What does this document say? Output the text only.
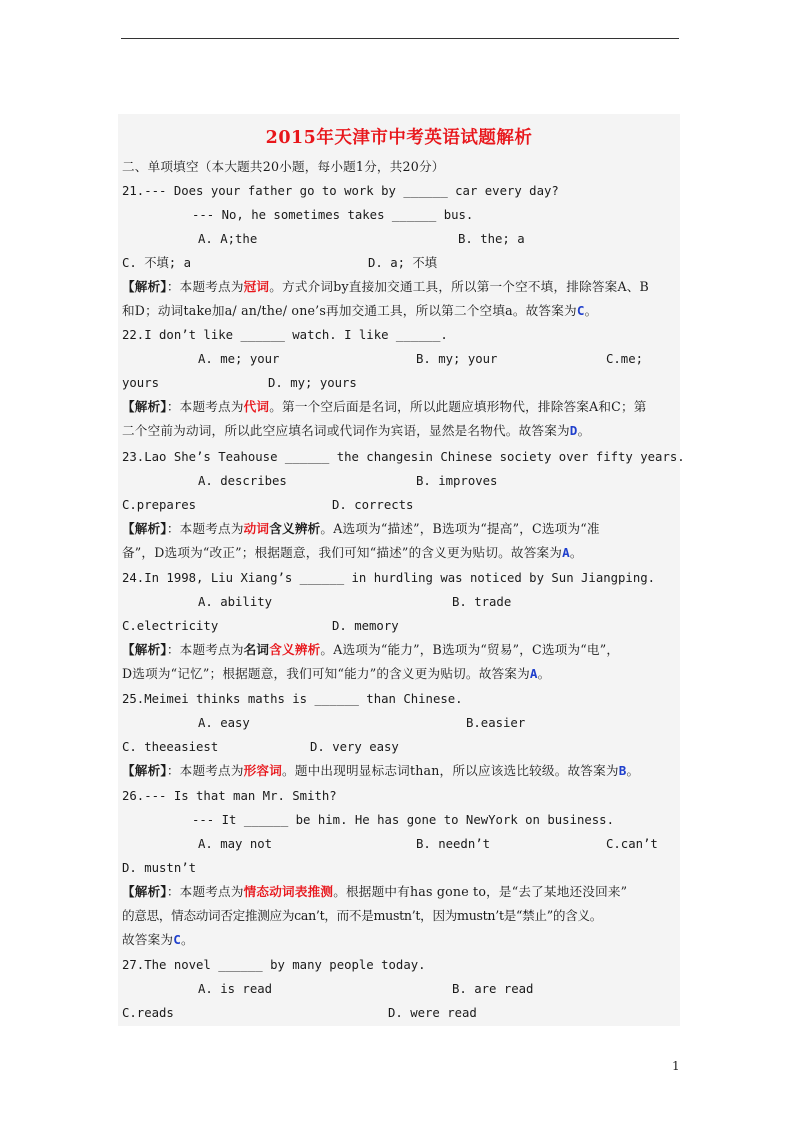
2015年天津市中考英语试题解析
二、单项填空（本大题共20小题，每小题1分，共20分）
21.--- Does your father go to work by ______ car every day?
--- No, he sometimes takes ______ bus.
A. A;the	B. the; a
C. 不填; a	D. a; 不填
【解析】：本题考点为冠词。方式介词by直接加交通工具，所以第一个空不填，排除答案A、B
和D；动词take加a/ an/the/ one’s再加交通工具，所以第二个空填a。故答案为C。
22.I don’t like ______ watch. I like ______.
A. me; your	B. my; your	C.me;
yours	D. my; yours
【解析】：本题考点为代词。第一个空后面是名词，所以此题应填形物代，排除答案A和C；第
二个空前为动词，所以此空应填名词或代词作为宾语，显然是名物代。故答案为D。
23.Lao She’s Teahouse ______ the changesin Chinese society over fifty years.
A. describes	B. improves
C.prepares	D. corrects
【解析】：本题考点为动词含义辨析。A选项为“描述”，B选项为“提高”，C选项为“准
备”，D选项为“改正”；根据题意，我们可知“描述”的含义更为贴切。故答案为A。
24.In 1998, Liu Xiang’s ______ in hurdling was noticed by Sun Jiangping.
A. ability	B. trade
C.electricity	D. memory
【解析】：本题考点为名词含义辨析。A选项为“能力”，B选项为“贸易”，C选项为“电”，
D选项为“记忆”；根据题意，我们可知“能力”的含义更为贴切。故答案为A。
25.Meimei thinks maths is ______ than Chinese.
A. easy	B.easier
C. theeasiest	D. very easy
【解析】：本题考点为形容词。题中出现明显标志词than，所以应该选比较级。故答案为B。
26.--- Is that man Mr. Smith?
--- It ______ be him. He has gone to NewYork on business.
A. may not	B. needn’t	C.can’t
D. mustn’t
【解析】：本题考点为情态动词表推测。根据题中有has gone to，是“去了某地还没回来”
的意思，情态动词否定推测应为can’t，而不是mustn’t，因为mustn’t是“禁止”的含义。
故答案为C。
27.The novel ______ by many people today.
A. is read	B. are read
C.reads	D. were read
1
